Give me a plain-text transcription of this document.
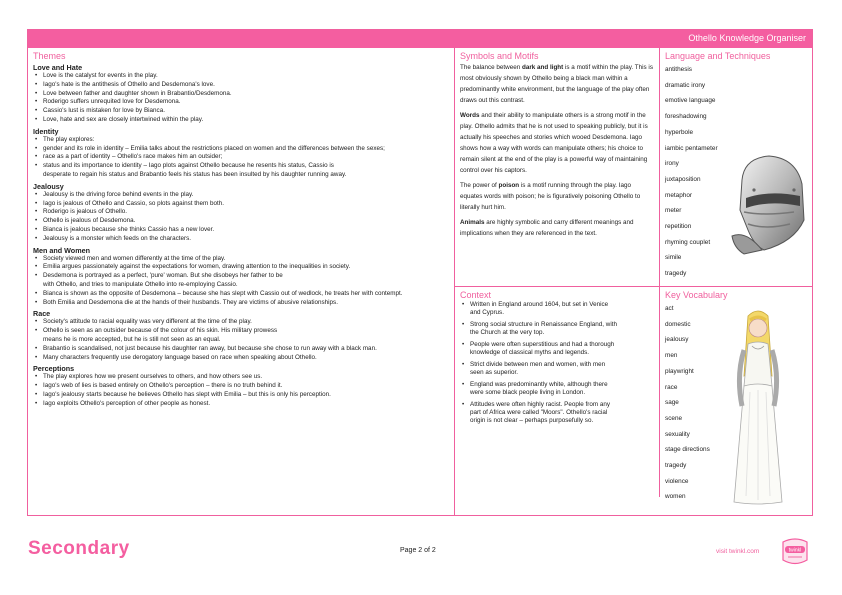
Othello Knowledge Organiser
Themes
Love and Hate
• Love is the catalyst for events in the play.
• Iago's hate is the antithesis of Othello and Desdemona's love.
• Love between father and daughter shown in Brabantio/Desdemona.
• Roderigo suffers unrequited love for Desdemona.
• Cassio's lust is mistaken for love by Bianca.
• Love, hate and sex are closely intertwined within the play.
Identity
• The play explores:
• gender and its role in identity – Emilia talks about the restrictions placed on women and the differences between the sexes;
• race as a part of identity – Othello's race makes him an outsider;
• status and its importance to identity – Iago plots against Othello because he resents his status, Cassio is
desperate to regain his status and Brabantio feels his status has been insulted by his daughter running away.
Jealousy
• Jealousy is the driving force behind events in the play.
• Iago is jealous of Othello and Cassio, so plots against them both.
• Roderigo is jealous of Othello.
• Othello is jealous of Desdemona.
• Bianca is jealous because she thinks Cassio has a new lover.
• Jealousy is a monster which feeds on the characters.
Men and Women
• Society viewed men and women differently at the time of the play.
• Emilia argues passionately against the expectations for women, drawing attention to the inequalities in society.
• Desdemona is portrayed as a perfect, 'pure' woman. But she disobeys her father to be
with Othello, and tries to manipulate Othello into re-employing Cassio.
• Bianca is shown as the opposite of Desdemona – because she has slept with Cassio out of wedlock, he treats her with contempt.
• Both Emilia and Desdemona die at the hands of their husbands. They are victims of abusive relationships.
Race
• Society's attitude to racial equality was very different at the time of the play.
• Othello is seen as an outsider because of the colour of his skin. His military prowess
means he is more accepted, but he is still not seen as an equal.
• Brabantio is scandalised, not just because his daughter ran away, but because she chose to run away with a black man.
• Many characters frequently use derogatory language based on race when speaking about Othello.
Perceptions
• The play explores how we present ourselves to others, and how others see us.
• Iago's web of lies is based entirely on Othello's perception – there is no truth behind it.
• Iago's jealousy starts because he believes Othello has slept with Emilia – but this is only his perception.
• Iago exploits Othello's perception of other people as honest.
Symbols and Motifs

The balance between dark and light is a motif within the play. This is most obviously shown by Othello being a black man within a predominantly white environment, but the language of the play often draws out this contrast.

Words and their ability to manipulate others is a strong motif in the play. Othello admits that he is not used to speaking publicly, but it is actually his speeches and stories which wooed Desdemona. Iago shows how a way with words can manipulate others; his choice to remain silent at the end of the play is a powerful way of maintaining control over his captors.

The power of poison is a motif running through the play. Iago equates words with poison; he is figuratively poisoning Othello to literally hurt him.

Animals are highly symbolic and carry different meanings and implications when they are referenced in the text.

Context
• Written in England around 1604, but set in Venice and Cyprus.
• Strong social structure in Renaissance England, with the Church at the very top.
• People were often superstitious and had a thorough knowledge of classical myths and legends.
• Strict divide between men and women, with men seen as superior.
• England was predominantly white, although there were some black people living in London.
• Attitudes were often highly racist. People from any part of Africa were called "Moors". Othello's racial origin is not clear – perhaps purposefully so.
Language and Techniques
antithesis
dramatic irony
emotive language
foreshadowing
hyperbole
iambic pentameter
irony
juxtaposition
metaphor
meter
repetition
rhyming couplet
simile
tragedy
Key Vocabulary
act
domestic
jealousy
men
playwright
race
sage
scene
sexuality
stage directions
tragedy
violence
women
Secondary	Page 2 of 2	visit twinkl.com	twinkl
